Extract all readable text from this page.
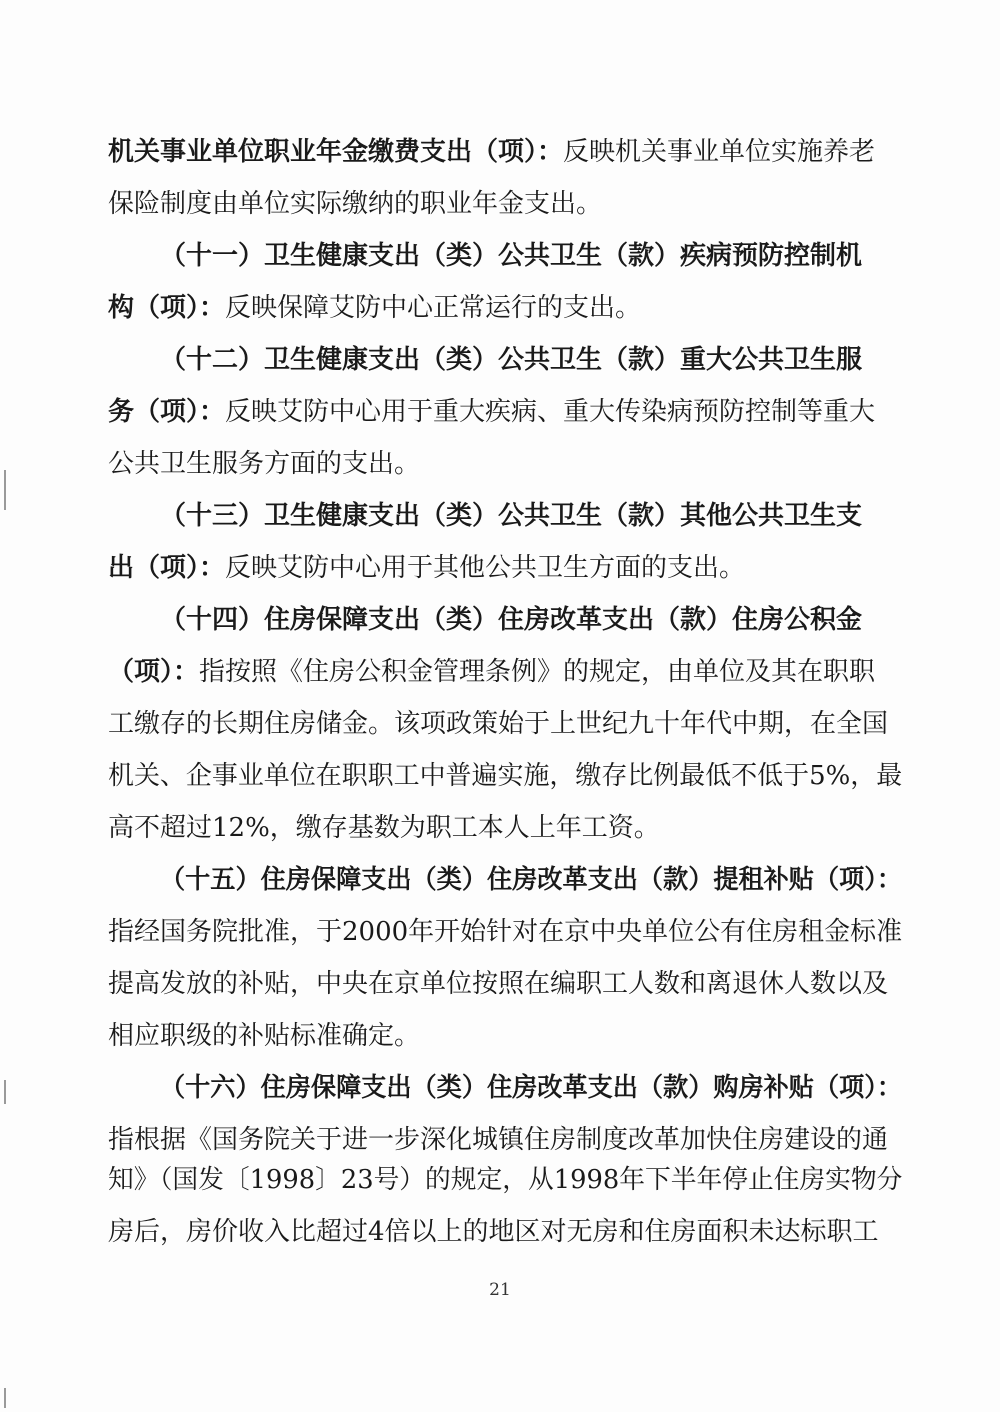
机关事业单位职业年金缴费支出（项）： 反映机关事业单位实施养老
保险制度由单位实际缴纳的职业年金支出。
（十一）卫生健康支出（类）公共卫生（款）疾病预防控制机
构（项）： 反映保障艾防中心正常运行的支出。
（十二）卫生健康支出（类）公共卫生（款）重大公共卫生服
务（项）： 反映艾防中心用于重大疾病、重大传染病预防控制等重大
公共卫生服务方面的支出。
（十三）卫生健康支出（类）公共卫生（款）其他公共卫生支
出（项）： 反映艾防中心用于其他公共卫生方面的支出。
（十四）住房保障支出（类）住房改革支出（款）住房公积金
（项）： 指按照《住房公积金管理条例》的规定，由单位及其在职职
工缴存的长期住房储金。该项政策始于上世纪九十年代中期，在全国
机关、企事业单位在职职工中普遍实施，缴存比例最低不低于5%，最
高不超过12%，缴存基数为职工本人上年工资。
（十五）住房保障支出（类）住房改革支出（款）提租补贴（项）：
指经国务院批准，于2000年开始针对在京中央单位公有住房租金标准
提高发放的补贴，中央在京单位按照在编职工人数和离退休人数以及
相应职级的补贴标准确定。
（十六）住房保障支出（类）住房改革支出（款）购房补贴（项）：
指根据《国务院关于进一步深化城镇住房制度改革加快住房建设的通
知》（国发〔1998〕23号）的规定，从1998年下半年停止住房实物分
房后，房价收入比超过4倍以上的地区对无房和住房面积未达标职工
21
